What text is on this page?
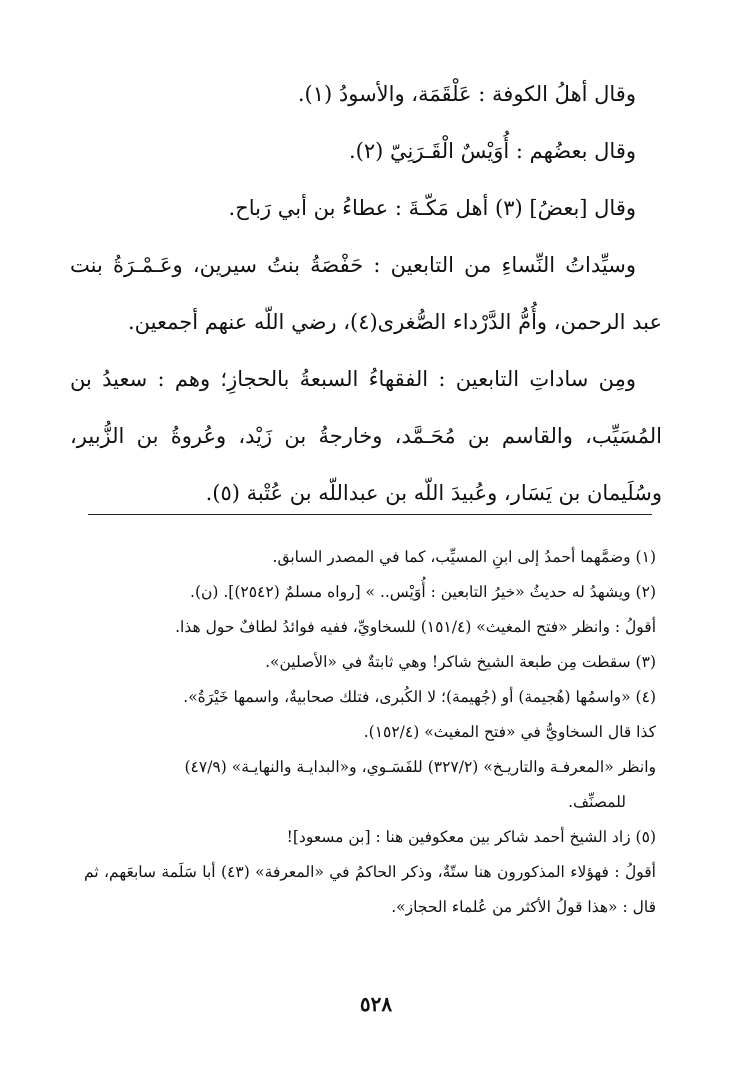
وقال أهلُ الكوفة : عَلْقَمَة، والأسودُ (١).

وقال بعضُهم : أُوَيْسٌ الْقَـرَنِيّ (٢).

وقال [بعضُ] (٣) أهل مَكّـةَ : عطاءُ بن أبي رَباح.

وسيِّداتُ النِّساءِ من التابعين : حَفْصَةُ بنتُ سيرين، وعَـمْـرَةُ بنت عبد الرحمن، وأُمُّ الدَّرْداء الصُّغرى(٤)، رضي اللّه عنهم أجمعين.

ومِن ساداتِ التابعين : الفقهاءُ السبعةُ بالحجازِ؛ وهم : سعيدُ بن المُسَيِّب، والقاسم بن مُحَـمَّد، وخارجةُ بن زَيْد، وعُروةُ بن الزُّبير، وسُلَيمان بن يَسَار، وعُبيدَ اللّه بن عبداللّه بن عُتْبة (٥).

(١) وضمَّهما أحمدُ إلى ابنِ المسيِّب، كما في المصدر السابق.

(٢) ويشهدُ له حديثُ «خيرُ التابعين : أُوَيْس.. » [رواه مسلمٌ (٢٥٤٢)]. (ن).

أقولُ : وانظر «فتح المغيث» (١٥١/٤) للسخاويِّ، ففيه فوائدُ لطافٌ حول هذا.

(٣) سقطت مِن طبعة الشيخ شاكر! وهي ثابتةٌ في «الأصلين».

(٤) «واسمُها (هُجيمة) أو (جُهيمة)؛ لا الكُبرى، فتلك صحابيةٌ، واسمها خَيْرَةُ».

كذا قال السخاويُّ في «فتح المغيث» (١٥٢/٤).

وانظر «المعرفـة والتاريـخ» (٣٢٧/٢) للفَسَـوي، و«البدايـة والنهايـة» (٤٧/٩)

للمصنِّف.

(٥) زاد الشيخ أحمد شاكر بين معكوفين هنا : [بن مسعود]!

أقولُ : فهؤلاء المذكورون هنا ستّةٌ، وذكر الحاكمُ في «المعرفة» (٤٣) أبا سَلَمة سابعَهم، ثم قال : «هذا قولُ الأكثر من عُلماء الحجاز».

٥٢٨
